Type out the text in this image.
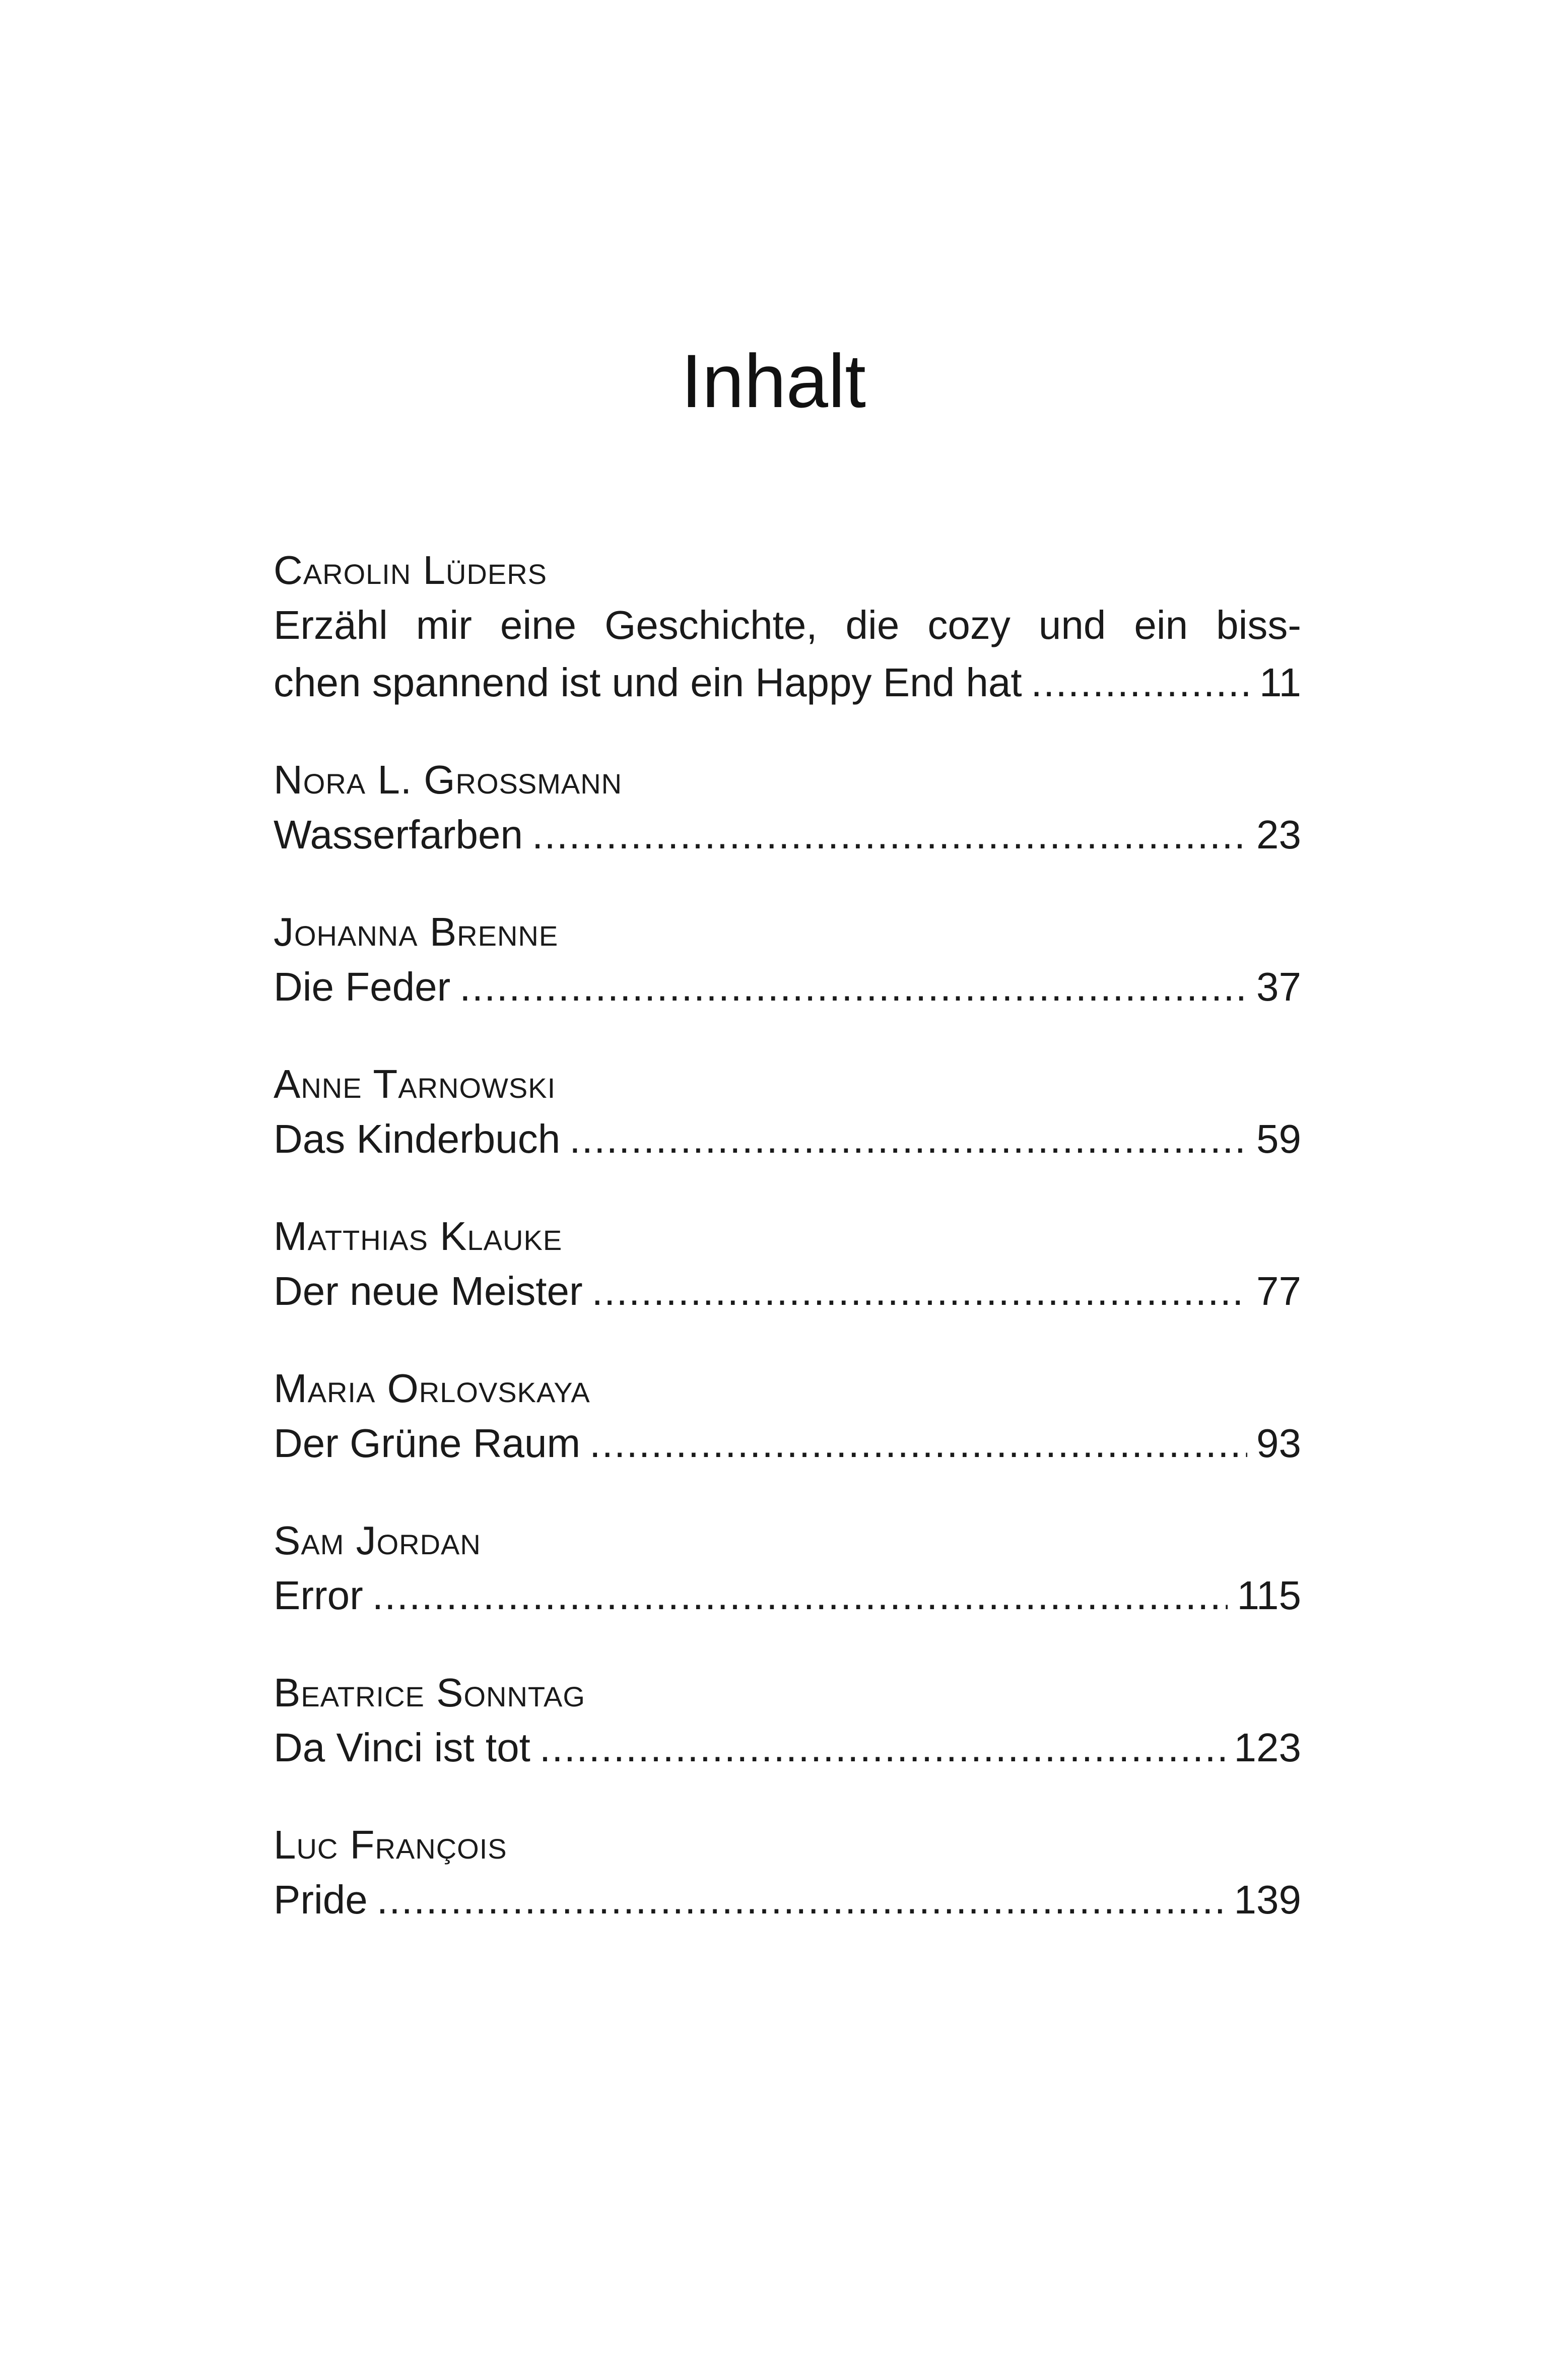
Inhalt
Carolin Lüders
Erzähl mir eine Geschichte, die cozy und ein biss-
chen spannend ist und ein Happy End hat . . .	11
Nora L. Großmann
Wasserfarben . . .	23
Johanna Brenne
Die Feder . . .	37
Anne Tarnowski
Das Kinderbuch . . .	59
Matthias Klauke
Der neue Meister . . .	77
Maria Orlovskaya
Der Grüne Raum . . .	93
Sam Jordan
Error . . .	115
Beatrice Sonntag
Da Vinci ist tot . . .	123
Luc François
Pride . . .	139
